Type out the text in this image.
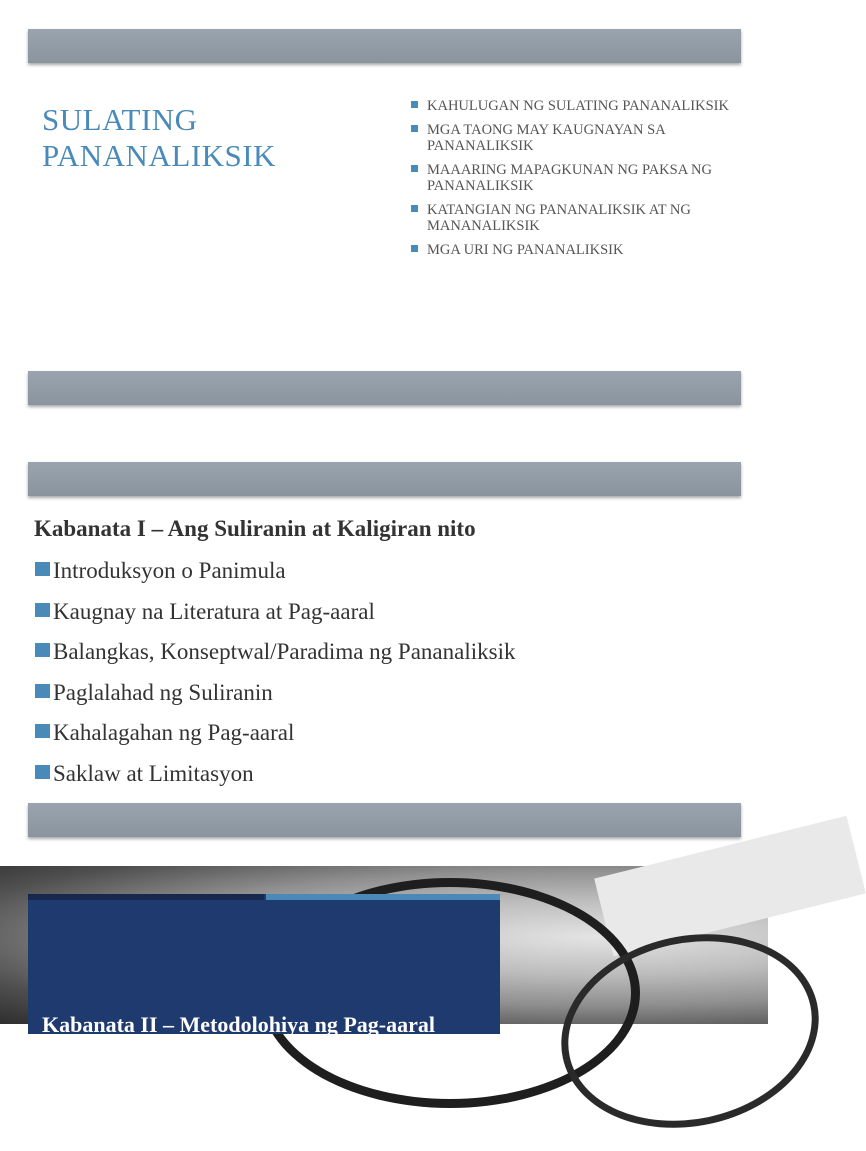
SULATING
PANANALIKSIK
KAHULUGAN NG SULATING PANANALIKSIK
MGA TAONG MAY KAUGNAYAN SA PANANALIKSIK
MAAARING MAPAGKUNAN NG PAKSA NG PANANALIKSIK
KATANGIAN NG PANANALIKSIK AT NG MANANALIKSIK
MGA URI NG PANANALIKSIK
Kabanata I – Ang Suliranin at Kaligiran nito
Introduksyon o Panimula
Kaugnay na Literatura at Pag-aaral
Balangkas, Konseptwal/Paradima ng Pananaliksik
Paglalahad ng Suliranin
Kahalagahan ng Pag-aaral
Saklaw at Limitasyon
Kabanata II – Metodolohiya ng Pag-aaral
